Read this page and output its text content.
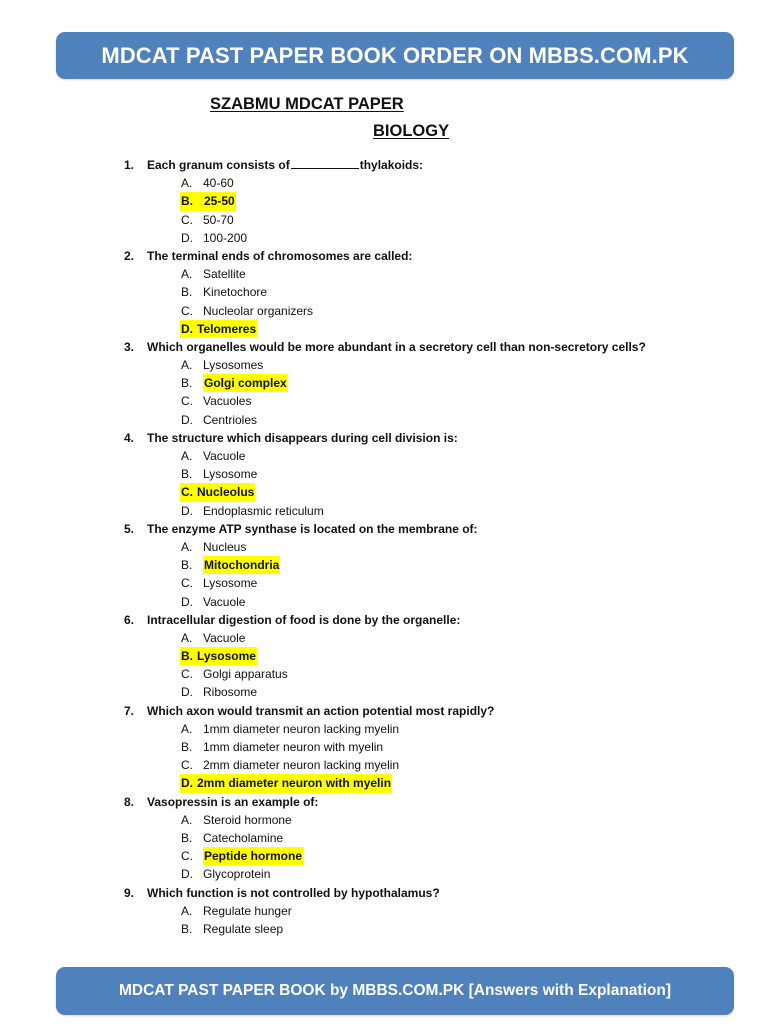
MDCAT PAST PAPER BOOK ORDER ON MBBS.COM.PK
SZABMU MDCAT PAPER
BIOLOGY
1. Each granum consists of	thylakoids:
A. 40-60
B. 25-50
C. 50-70
D. 100-200
2. The terminal ends of chromosomes are called:
A. Satellite
B. Kinetochore
C. Nucleolar organizers
D. Telomeres
3. Which organelles would be more abundant in a secretory cell than non-secretory cells?
A. Lysosomes
B. Golgi complex
C. Vacuoles
D. Centrioles
4. The structure which disappears during cell division is:
A. Vacuole
B. Lysosome
C. Nucleolus
D. Endoplasmic reticulum
5. The enzyme ATP synthase is located on the membrane of:
A. Nucleus
B. Mitochondria
C. Lysosome
D. Vacuole
6. Intracellular digestion of food is done by the organelle:
A. Vacuole
B. Lysosome
C. Golgi apparatus
D. Ribosome
7. Which axon would transmit an action potential most rapidly?
A. 1mm diameter neuron lacking myelin
B. 1mm diameter neuron with myelin
C. 2mm diameter neuron lacking myelin
D. 2mm diameter neuron with myelin
8. Vasopressin is an example of:
A. Steroid hormone
B. Catecholamine
C. Peptide hormone
D. Glycoprotein
9. Which function is not controlled by hypothalamus?
A. Regulate hunger
B. Regulate sleep
MDCAT PAST PAPER BOOK by MBBS.COM.PK [Answers with Explanation]
